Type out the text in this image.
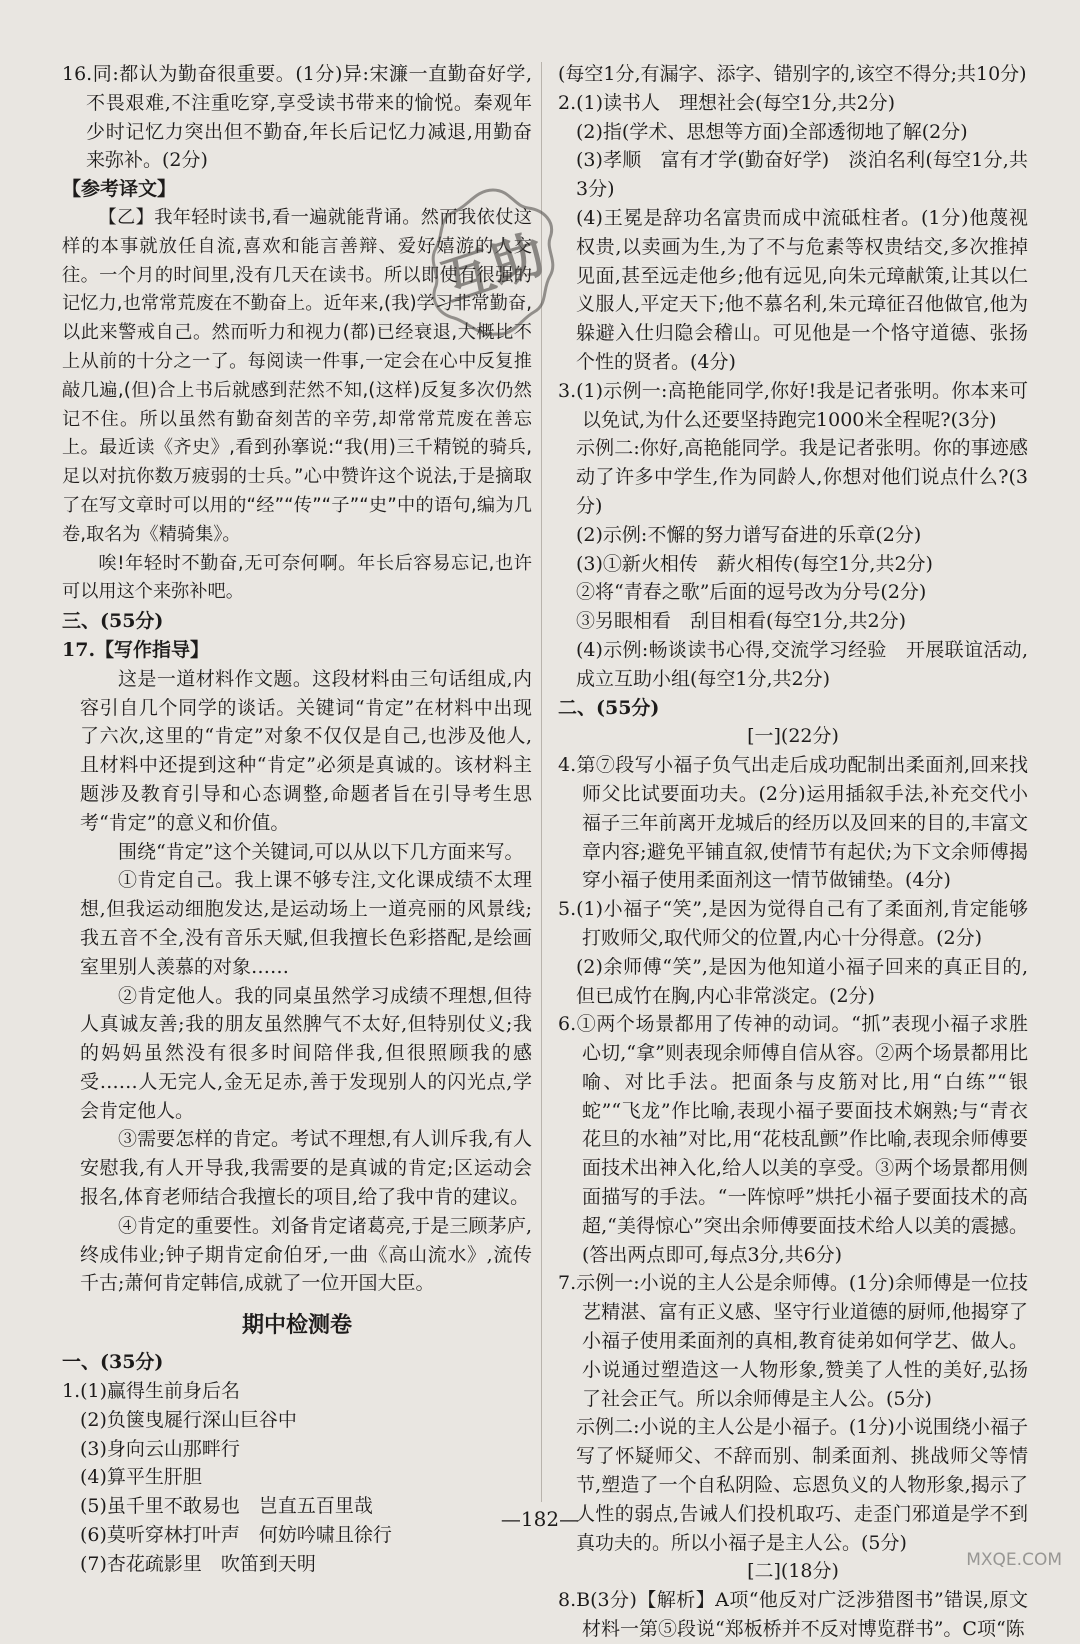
16.同:都认为勤奋很重要。(1分)异:宋濂一直勤奋好学,不畏艰难,不注重吃穿,享受读书带来的愉悦。秦观年少时记忆力突出但不勤奋,年长后记忆力减退,用勤奋来弥补。(2分)

【参考译文】

【乙】我年轻时读书,看一遍就能背诵。然而我依仗这样的本事就放任自流,喜欢和能言善辩、爱好嬉游的人交往。一个月的时间里,没有几天在读书。所以即使有很强的记忆力,也常常荒废在不勤奋上。近年来,(我)学习非常勤奋,以此来警戒自己。然而听力和视力(都)已经衰退,大概比不上从前的十分之一了。每阅读一件事,一定会在心中反复推敲几遍,(但)合上书后就感到茫然不知,(这样)反复多次仍然记不住。所以虽然有勤奋刻苦的辛劳,却常常荒废在善忘上。最近读《齐史》,看到孙搴说:“我(用)三千精锐的骑兵,足以对抗你数万疲弱的士兵。”心中赞许这个说法,于是摘取了在写文章时可以用的“经”“传”“子”“史”中的语句,编为几卷,取名为《精骑集》。

唉!年轻时不勤奋,无可奈何啊。年长后容易忘记,也许可以用这个来弥补吧。

三、(55分)

17.【写作指导】

这是一道材料作文题。这段材料由三句话组成,内容引自几个同学的谈话。关键词“肯定”在材料中出现了六次,这里的“肯定”对象不仅仅是自己,也涉及他人,且材料中还提到这种“肯定”必须是真诚的。该材料主题涉及教育引导和心态调整,命题者旨在引导考生思考“肯定”的意义和价值。

围绕“肯定”这个关键词,可以从以下几方面来写。

①肯定自己。我上课不够专注,文化课成绩不太理想,但我运动细胞发达,是运动场上一道亮丽的风景线;我五音不全,没有音乐天赋,但我擅长色彩搭配,是绘画室里别人羡慕的对象……

②肯定他人。我的同桌虽然学习成绩不理想,但待人真诚友善;我的朋友虽然脾气不太好,但特别仗义;我的妈妈虽然没有很多时间陪伴我,但很照顾我的感受……人无完人,金无足赤,善于发现别人的闪光点,学会肯定他人。

③需要怎样的肯定。考试不理想,有人训斥我,有人安慰我,有人开导我,我需要的是真诚的肯定;区运动会报名,体育老师结合我擅长的项目,给了我中肯的建议。

④肯定的重要性。刘备肯定诸葛亮,于是三顾茅庐,终成伟业;钟子期肯定俞伯牙,一曲《高山流水》,流传千古;萧何肯定韩信,成就了一位开国大臣。

期中检测卷

一、(35分)

1.(1)赢得生前身后名

(2)负箧曳屣行深山巨谷中

(3)身向云山那畔行

(4)算平生肝胆

(5)虽千里不敢易也　岂直五百里哉

(6)莫听穿林打叶声　何妨吟啸且徐行

(7)杏花疏影里　吹笛到天明

(每空1分,有漏字、添字、错别字的,该空不得分;共10分)

2.(1)读书人　理想社会(每空1分,共2分)

(2)指(学术、思想等方面)全部透彻地了解(2分)

(3)孝顺　富有才学(勤奋好学)　淡泊名利(每空1分,共3分)

(4)王冕是辞功名富贵而成中流砥柱者。(1分)他蔑视权贵,以卖画为生,为了不与危素等权贵结交,多次推掉见面,甚至远走他乡;他有远见,向朱元璋献策,让其以仁义服人,平定天下;他不慕名利,朱元璋征召他做官,他为躲避入仕归隐会稽山。可见他是一个恪守道德、张扬个性的贤者。(4分)

3.(1)示例一:高艳能同学,你好!我是记者张明。你本来可以免试,为什么还要坚持跑完1000米全程呢?(3分)

示例二:你好,高艳能同学。我是记者张明。你的事迹感动了许多中学生,作为同龄人,你想对他们说点什么?(3分)

(2)示例:不懈的努力谱写奋进的乐章(2分)

(3)①新火相传　薪火相传(每空1分,共2分)

②将“青春之歌”后面的逗号改为分号(2分)

③另眼相看　刮目相看(每空1分,共2分)

(4)示例:畅谈读书心得,交流学习经验　开展联谊活动,成立互助小组(每空1分,共2分)

二、(55分)

[一](22分)

4.第⑦段写小福子负气出走后成功配制出柔面剂,回来找师父比试要面功夫。(2分)运用插叙手法,补充交代小福子三年前离开龙城后的经历以及回来的目的,丰富文章内容;避免平铺直叙,使情节有起伏;为下文余师傅揭穿小福子使用柔面剂这一情节做铺垫。(4分)

5.(1)小福子“笑”,是因为觉得自己有了柔面剂,肯定能够打败师父,取代师父的位置,内心十分得意。(2分)

(2)余师傅“笑”,是因为他知道小福子回来的真正目的,但已成竹在胸,内心非常淡定。(2分)

6.①两个场景都用了传神的动词。“抓”表现小福子求胜心切,“拿”则表现余师傅自信从容。②两个场景都用比喻、对比手法。把面条与皮筋对比,用“白练”“银蛇”“飞龙”作比喻,表现小福子要面技术娴熟;与“青衣花旦的水袖”对比,用“花枝乱颤”作比喻,表现余师傅要面技术出神入化,给人以美的享受。③两个场景都用侧面描写的手法。“一阵惊呼”烘托小福子要面技术的高超,“美得惊心”突出余师傅要面技术给人以美的震撼。(答出两点即可,每点3分,共6分)

7.示例一:小说的主人公是余师傅。(1分)余师傅是一位技艺精湛、富有正义感、坚守行业道德的厨师,他揭穿了小福子使用柔面剂的真相,教育徒弟如何学艺、做人。小说通过塑造这一人物形象,赞美了人性的美好,弘扬了社会正气。所以余师傅是主人公。(5分)

示例二:小说的主人公是小福子。(1分)小说围绕小福子写了怀疑师父、不辞而别、制柔面剂、挑战师父等情节,塑造了一个自私阴险、忘恩负义的人物形象,揭示了人性的弱点,告诫人们投机取巧、走歪门邪道是学不到真功夫的。所以小福子是主人公。(5分)

[二](18分)

8.B(3分)【解析】A项“他反对广泛涉猎图书”错误,原文材料一第⑤段说“郑板桥并不反对博览群书”。C项“陈

—182—
互助
MXQE.COM
